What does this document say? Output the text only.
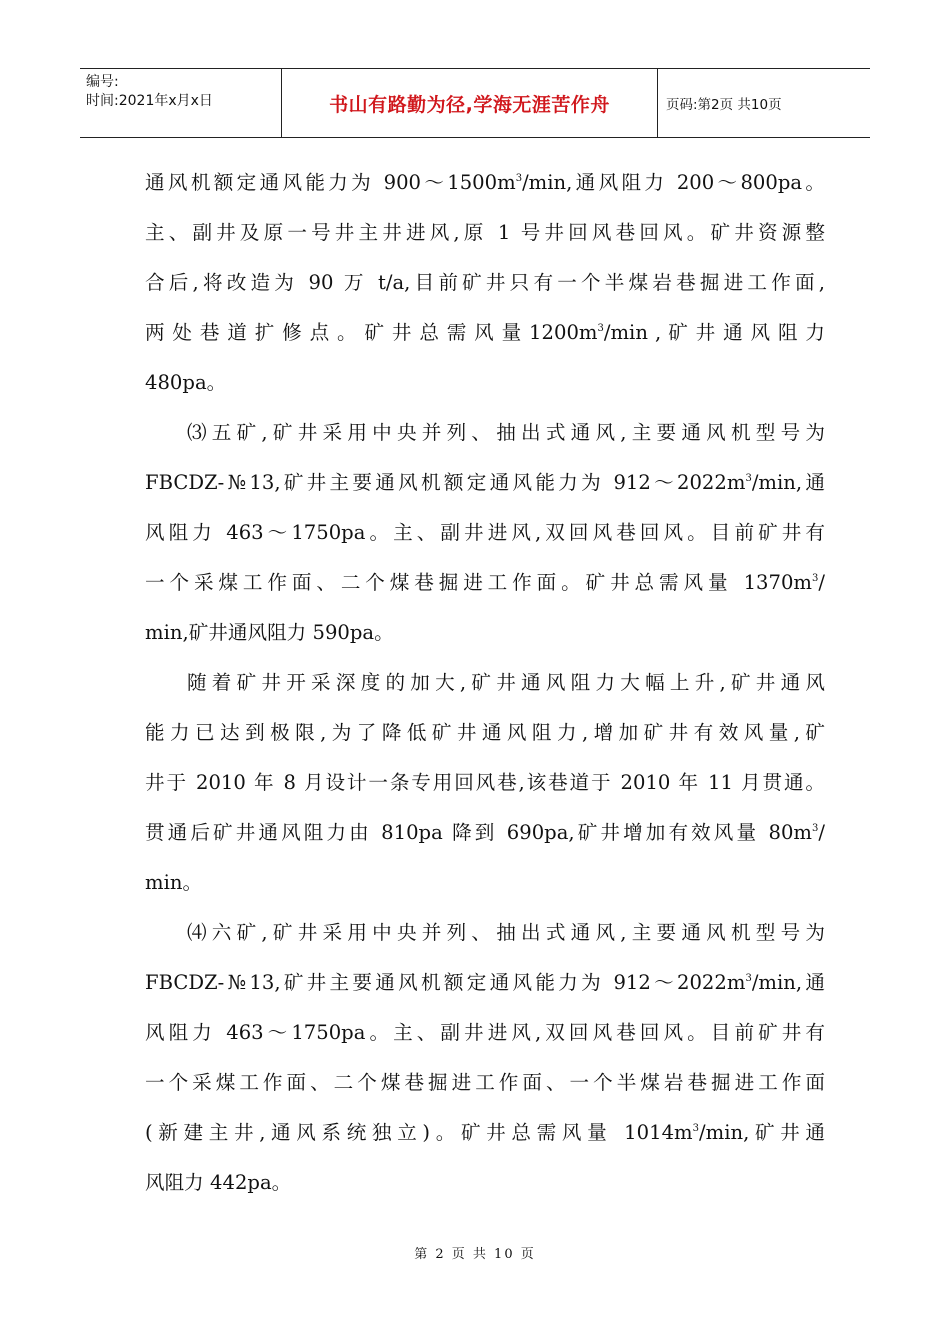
编号:
时间:2021年x月x日	书山有路勤为径,学海无涯苦作舟	页码:第2页 共10页
通风机额定通风能力为 $900\sim 1500m^3/\min$,通风阻力 200～800pa。
主、副井及原一号井主井进风,原 1 号井回风巷回风。矿井资源整
合后,将改造为 90 万 t/a,目前矿井只有一个半煤岩巷掘进工作面,
两 处 巷 道 扩 修 点 。 矿 井 总 需 风 量 $1200m^3/\min$ , 矿 井 通 风 阻 力
480pa。
⑶五矿,矿井采用中央并列、抽出式通风,主要通风机型号为
FBCDZ-№13,矿井主要通风机额定通风能力为 $912\sim 2022m^3/\min$,通
风阻力 463～1750pa。主、副井进风,双回风巷回风。目前矿井有
一个采煤工作面、二个煤巷掘进工作面。矿井总需风量 $1370m^3/$
min,矿井通风阻力 590pa。
随着矿井开采深度的加大,矿井通风阻力大幅上升,矿井通风
能力已达到极限,为了降低矿井通风阻力,增加矿井有效风量,矿
井于 2010 年 8 月设计一条专用回风巷,该巷道于 2010 年 11 月贯通。
贯通后矿井通风阻力由 810pa 降到 690pa,矿井增加有效风量 $80m^3/$
min。
⑷六矿,矿井采用中央并列、抽出式通风,主要通风机型号为
FBCDZ-№13,矿井主要通风机额定通风能力为 $912\sim 2022m^3/\min$,通
风阻力 463～1750pa。主、副井进风,双回风巷回风。目前矿井有
一个采煤工作面、二个煤巷掘进工作面、一个半煤岩巷掘进工作面
(新建主井,通风系统独立)。矿井总需风量 $1014m^3/\min$,矿井通
风阻力 442pa。
第 2 页 共 10 页
